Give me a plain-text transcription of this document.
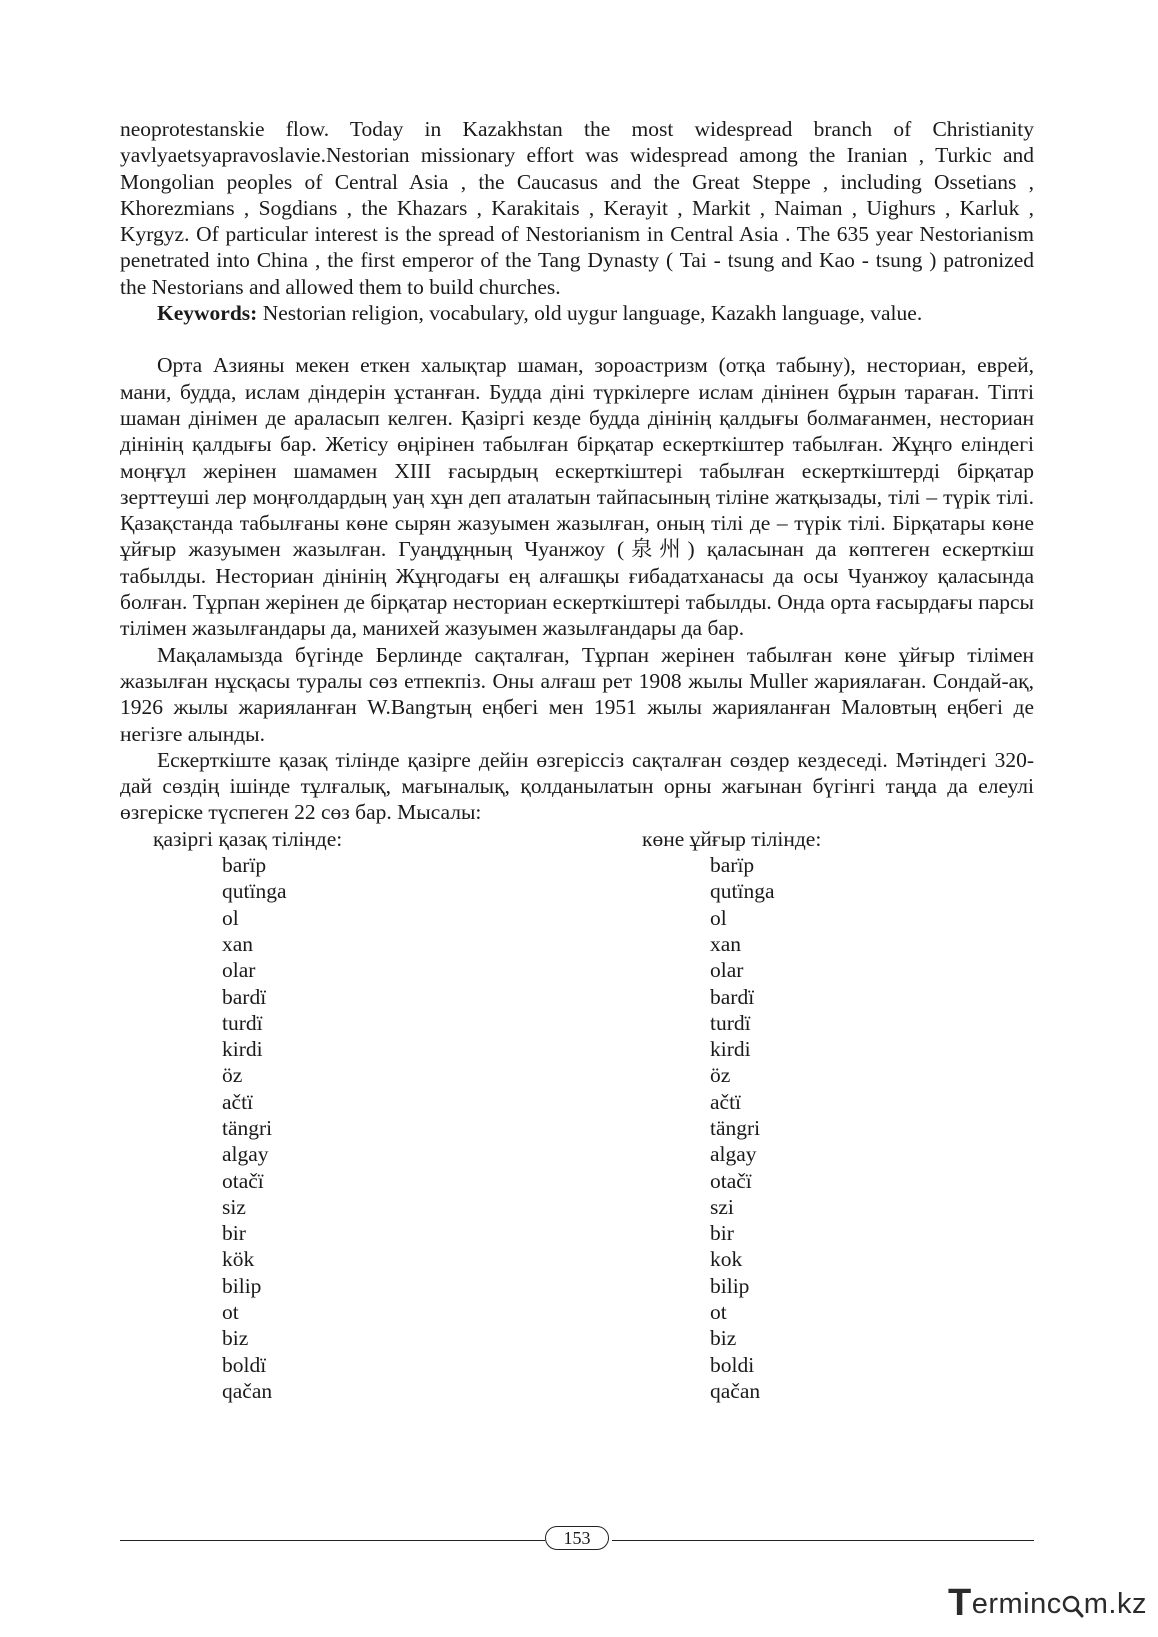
neoprotestanskie flow. Today in Kazakhstan the most widespread branch of Christianity yavlyaetsyapravoslavie.Nestorian missionary effort was widespread among the Iranian , Turkic and Mongolian peoples of Central Asia , the Caucasus and the Great Steppe , including Ossetians , Khorezmians , Sogdians , the Khazars , Karakitais , Kerayit , Markit , Naiman , Uighurs , Karluk , Kyrgyz. Of particular interest is the spread of Nestorianism in Central Asia . The 635 year Nestorianism penetrated into China , the first emperor of the Tang Dynasty ( Tai - tsung and Kao - tsung ) patronized the Nestorians and allowed them to build churches.

Keywords: Nestorian religion, vocabulary, old uygur language, Kazakh language, value.

Орта Азияны мекен еткен халықтар шаман, зороастризм (отқа табыну), несториан, еврей, мани, будда, ислам діндерін ұстанған. Будда діні түркілерге ислам дінінен бұрын тараған. Тіпті шаман дінімен де араласып келген. Қазіргі кезде будда дінінің қалдығы болмағанмен, несториан дінінің қалдығы бар. Жетісу өңірінен табылған бірқатар ескерткіштер табылған. Жұңго еліндегі моңғұл жерінен шамамен XIII ғасырдың ескерткіштері табылған ескерткіштерді бірқатар зерттеуші лер моңғолдардың уаң хұн деп аталатын тайпасының тіліне жатқызады, тілі – түрік тілі. Қазақстанда табылғаны көне сырян жазуымен жазылған, оның тілі де – түрік тілі. Бірқатары көне ұйғыр жазуымен жазылған. Гуаңдұңның Чуанжоу (泉州) қаласынан да көптеген ескерткіш табылды. Несториан дінінің Жұңгодағы ең алғашқы ғибадатханасы да осы Чуанжоу қаласында болған. Тұрпан жерінен де бірқатар несториан ескерткіштері табылды. Онда орта ғасырдағы парсы тілімен жазылғандары да, манихей жазуымен жазылғандары да бар.

Мақаламызда бүгінде Берлинде сақталған, Тұрпан жерінен табылған көне ұйғыр тілімен жазылған нұсқасы туралы сөз етпекпіз. Оны алғаш рет 1908 жылы Muller жариялаған. Сондай-ақ, 1926 жылы жарияланған W.Bangтың еңбегі мен 1951 жылы жарияланған Маловтың еңбегі де негізге алынды.

Ескерткіште қазақ тілінде қазірге дейін өзгеріссіз сақталған сөздер кездеседі. Мәтіндегі 320-дай сөздің ішінде тұлғалық, мағыналық, қолданылатын орны жағынан бүгінгі таңда да елеулі өзгеріске түспеген 22 сөз бар. Мысалы:

қазіргі қазақ тілінде:	көне ұйғыр тілінде:
barïp	barïp
qutïnga	qutïnga
ol	ol
xan	xan
olar	olar
bardï	bardï
turdï	turdï
kirdi	kirdi
öz	öz
ačtï	ačtï
tängri	tängri
algay	algay
otačï	otačï
siz	szi
bir	bir
kök	kok
bilip	bilip
ot	ot
biz	biz
boldï	boldi
qačan	qačan
153
Terminc m.kz
